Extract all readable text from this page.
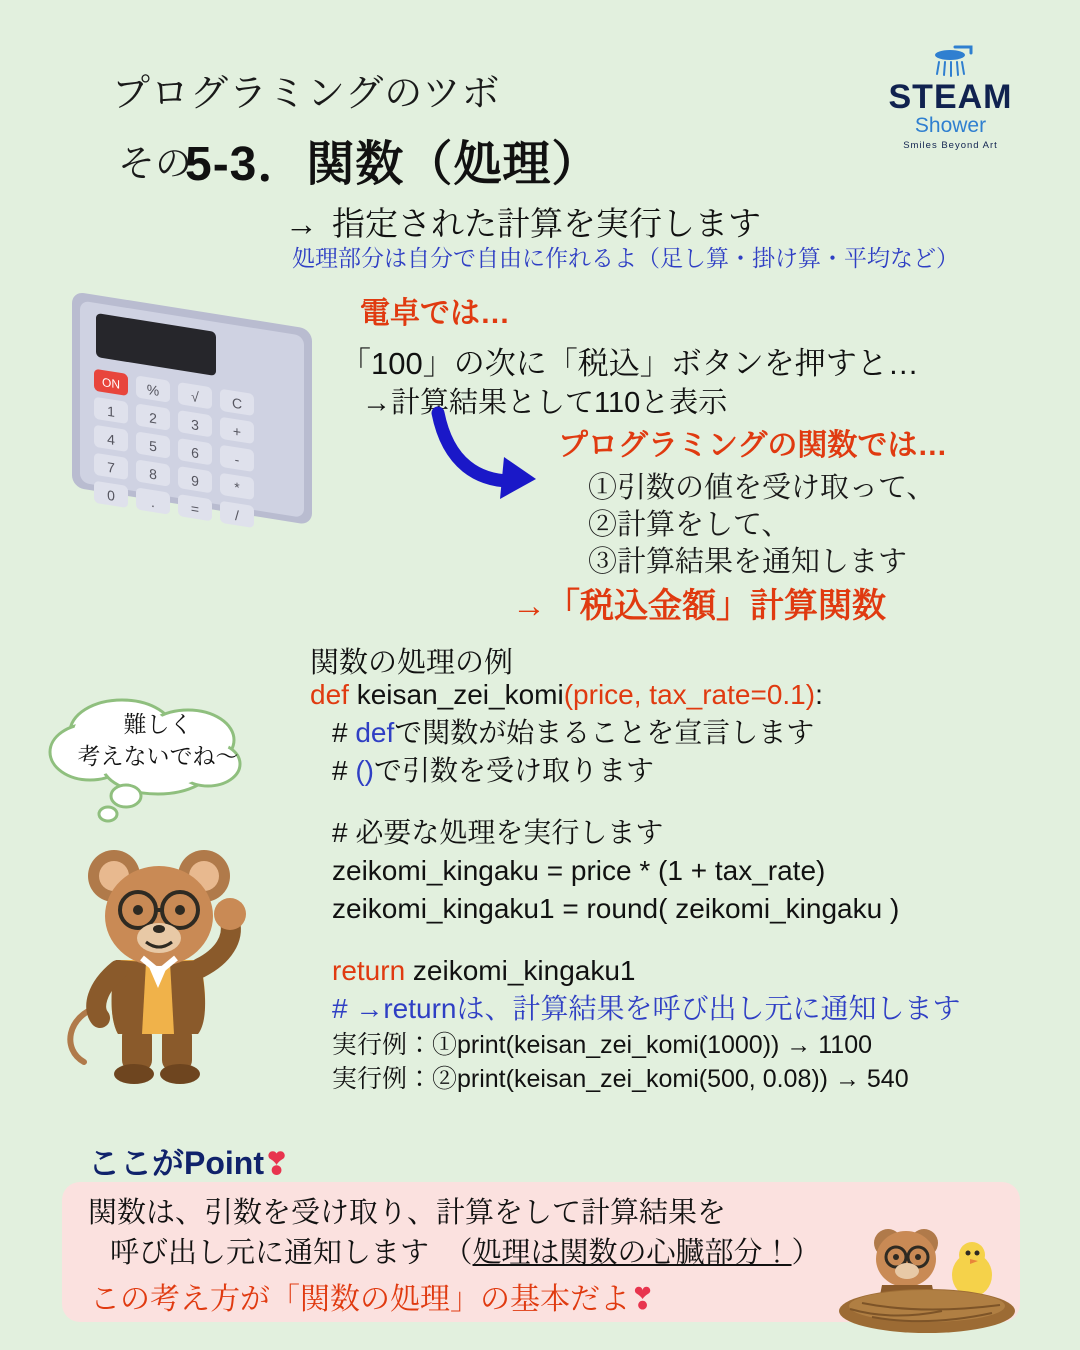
プログラミングのツボ
その
5-3．関数（処理）
→ 指定された計算を実行します
処理部分は自分で自由に作れるよ（足し算・掛け算・平均など）
STEAM
Shower
Smiles Beyond Art
ON % √ C
1 2 3 +
4 5 6	-
7 8 9	*
0	.	=	/
電卓では…
「100」の次に「税込」ボタンを押すと…
→計算結果として110と表示
プログラミングの関数では…
①引数の値を受け取って、
②計算をして、
③計算結果を通知します
→「税込金額」計算関数
関数の処理の例
def keisan_zei_komi(price, tax_rate=0.1):
# defで関数が始まることを宣言します
# ()で引数を受け取ります
# 必要な処理を実行します
zeikomi_kingaku = price * (1 + tax_rate)
zeikomi_kingaku1 = round( zeikomi_kingaku )
return zeikomi_kingaku1
# →returnは、計算結果を呼び出し元に通知します
実行例：①print(keisan_zei_komi(1000)) → 1100
実行例：②print(keisan_zei_komi(500, 0.08)) → 540
難しく
考えないでね〜
ここがPoint❣
関数は、引数を受け取り、計算をして計算結果を
呼び出し元に通知します　（処理は関数の心臓部分！）
この考え方が「関数の処理」の基本だよ❣
